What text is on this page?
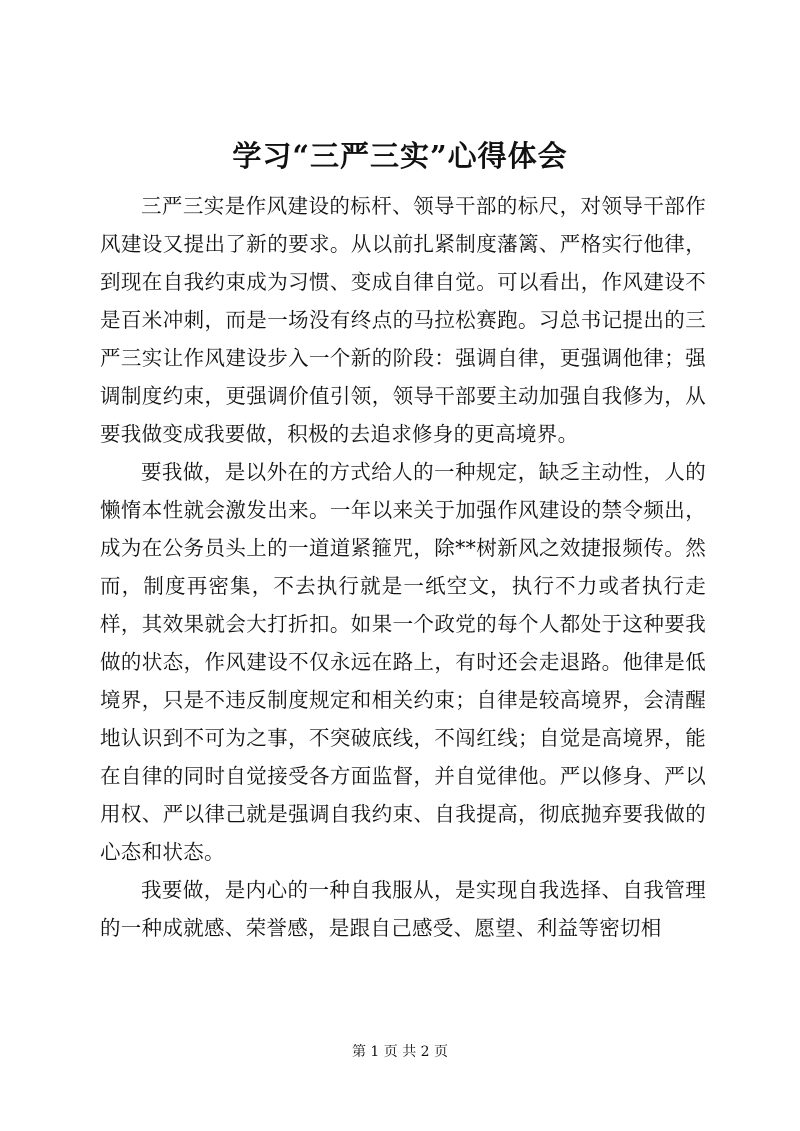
学习“三严三实”心得体会

三严三实是作风建设的标杆、领导干部的标尺，对领导干部作风建设又提出了新的要求。从以前扎紧制度藩篱、严格实行他律，到现在自我约束成为习惯、变成自律自觉。可以看出，作风建设不是百米冲刺，而是一场没有终点的马拉松赛跑。习总书记提出的三严三实让作风建设步入一个新的阶段：强调自律，更强调他律；强调制度约束，更强调价值引领，领导干部要主动加强自我修为，从要我做变成我要做，积极的去追求修身的更高境界。

要我做，是以外在的方式给人的一种规定，缺乏主动性，人的懒惰本性就会激发出来。一年以来关于加强作风建设的禁令频出，成为在公务员头上的一道道紧箍咒，除**树新风之效捷报频传。然而，制度再密集，不去执行就是一纸空文，执行不力或者执行走样，其效果就会大打折扣。如果一个政党的每个人都处于这种要我做的状态，作风建设不仅永远在路上，有时还会走退路。他律是低境界，只是不违反制度规定和相关约束；自律是较高境界，会清醒地认识到不可为之事，不突破底线，不闯红线；自觉是高境界，能在自律的同时自觉接受各方面监督，并自觉律他。严以修身、严以用权、严以律己就是强调自我约束、自我提高，彻底抛弃要我做的心态和状态。

我要做，是内心的一种自我服从，是实现自我选择、自我管理的一种成就感、荣誉感，是跟自己感受、愿望、利益等密切相

第 1 页 共 2 页
